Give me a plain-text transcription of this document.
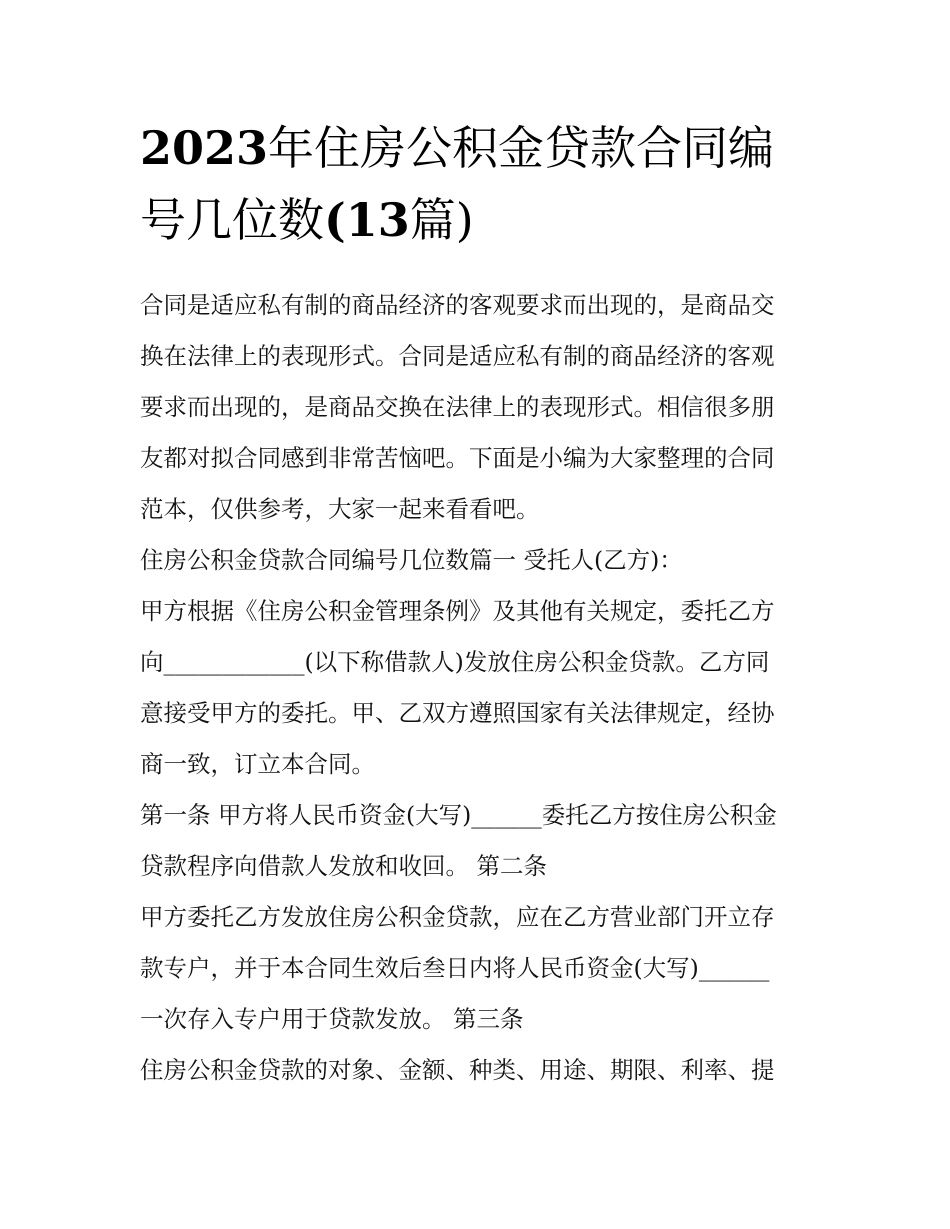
2023年住房公积金贷款合同编
号几位数(13篇)
合同是适应私有制的商品经济的客观要求而出现的，是商品交
换在法律上的表现形式。合同是适应私有制的商品经济的客观
要求而出现的，是商品交换在法律上的表现形式。相信很多朋
友都对拟合同感到非常苦恼吧。下面是小编为大家整理的合同
范本，仅供参考，大家一起来看看吧。
住房公积金贷款合同编号几位数篇一 受托人(乙方)：
甲方根据《住房公积金管理条例》及其他有关规定，委托乙方
向____________(以下称借款人)发放住房公积金贷款。乙方同
意接受甲方的委托。甲、乙双方遵照国家有关法律规定，经协
商一致，订立本合同。
第一条 甲方将人民币资金(大写)______委托乙方按住房公积金
贷款程序向借款人发放和收回。 第二条
甲方委托乙方发放住房公积金贷款，应在乙方营业部门开立存
款专户，并于本合同生效后叁日内将人民币资金(大写)______
一次存入专户用于贷款发放。 第三条
住房公积金贷款的对象、金额、种类、用途、期限、利率、提
